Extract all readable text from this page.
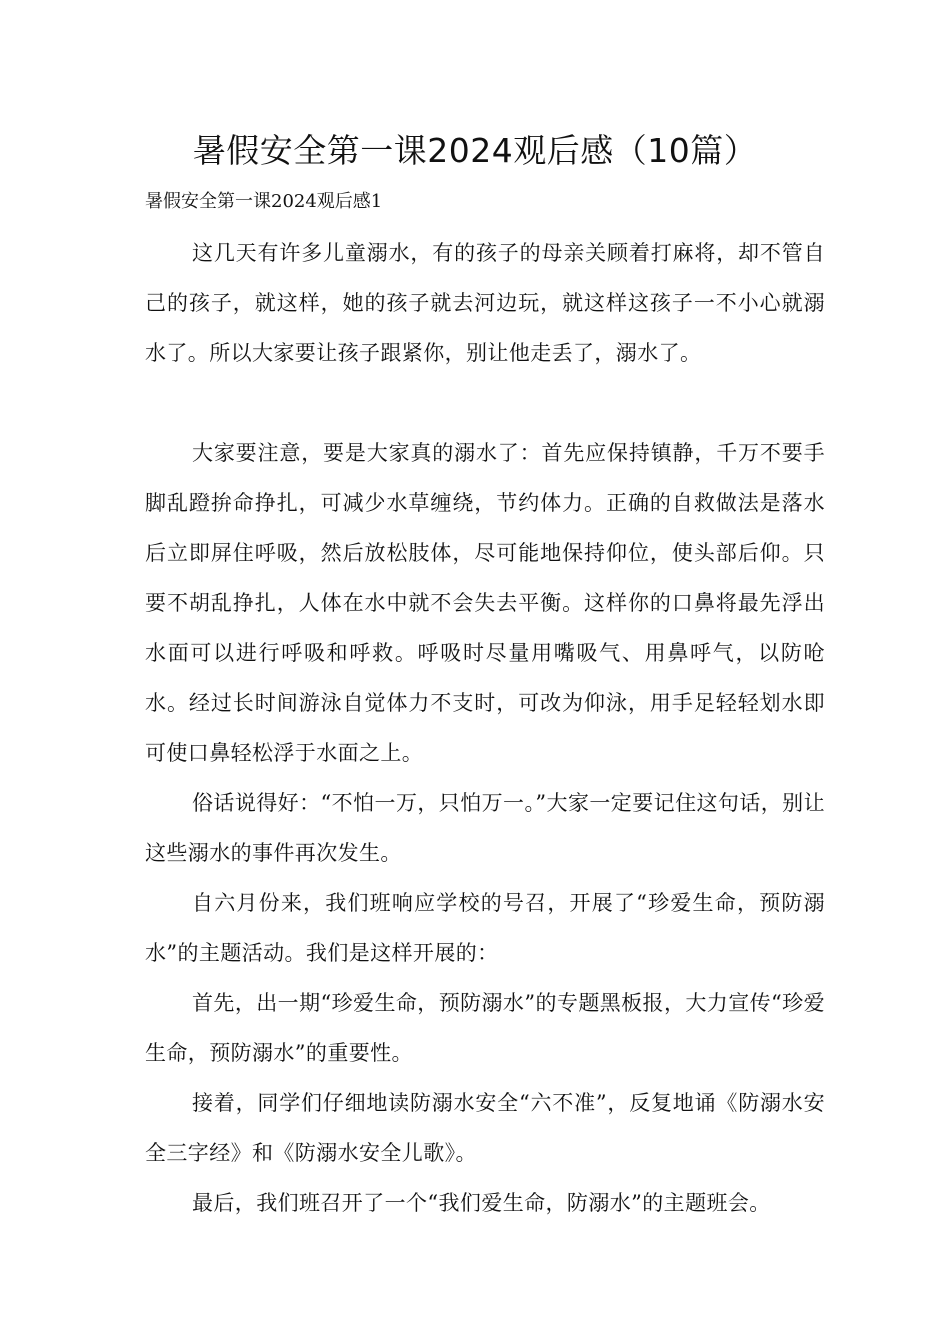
暑假安全第一课2024观后感（10篇）
暑假安全第一课2024观后感1

这几天有许多儿童溺水，有的孩子的母亲关顾着打麻将，却不管自己的孩子，就这样，她的孩子就去河边玩，就这样这孩子一不小心就溺水了。所以大家要让孩子跟紧你，别让他走丢了，溺水了。

大家要注意，要是大家真的溺水了：首先应保持镇静，千万不要手脚乱蹬拚命挣扎，可减少水草缠绕，节约体力。正确的自救做法是落水后立即屏住呼吸，然后放松肢体，尽可能地保持仰位，使头部后仰。只要不胡乱挣扎，人体在水中就不会失去平衡。这样你的口鼻将最先浮出水面可以进行呼吸和呼救。呼吸时尽量用嘴吸气、用鼻呼气，以防呛水。经过长时间游泳自觉体力不支时，可改为仰泳，用手足轻轻划水即可使口鼻轻松浮于水面之上。

俗话说得好：“不怕一万，只怕万一。”大家一定要记住这句话，别让这些溺水的事件再次发生。

自六月份来，我们班响应学校的号召，开展了“珍爱生命，预防溺水”的主题活动。我们是这样开展的：

首先，出一期“珍爱生命，预防溺水”的专题黑板报，大力宣传“珍爱生命，预防溺水”的重要性。

接着，同学们仔细地读防溺水安全“六不准”，反复地诵《防溺水安全三字经》和《防溺水安全儿歌》。

最后，我们班召开了一个“我们爱生命，防溺水”的主题班会。
